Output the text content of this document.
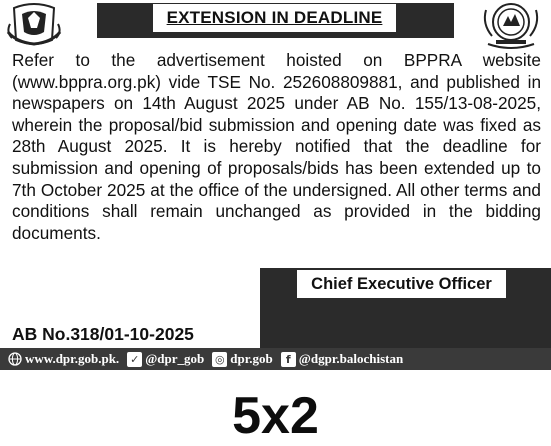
EXTENSION IN DEADLINE
Refer to the advertisement hoisted on BPPRA website
(www.bppra.org.pk) vide TSE No. 252608809881, and published in
newspapers on 14th August 2025 under AB No. 155/13-08-2025,
wherein the proposal/bid submission and opening date was fixed as
28th August 2025. It is hereby notified that the deadline for
submission and opening of proposals/bids has been extended up to
7th October 2025 at the office of the undersigned. All other terms and
conditions shall remain unchanged as provided in the bidding
documents.
Chief Executive Officer
AB No.318/01-10-2025
www.dpr.gob.pk. ✓ @dpr_gob ◎ dpr.gob	f @dgpr.balochistan
5x2
